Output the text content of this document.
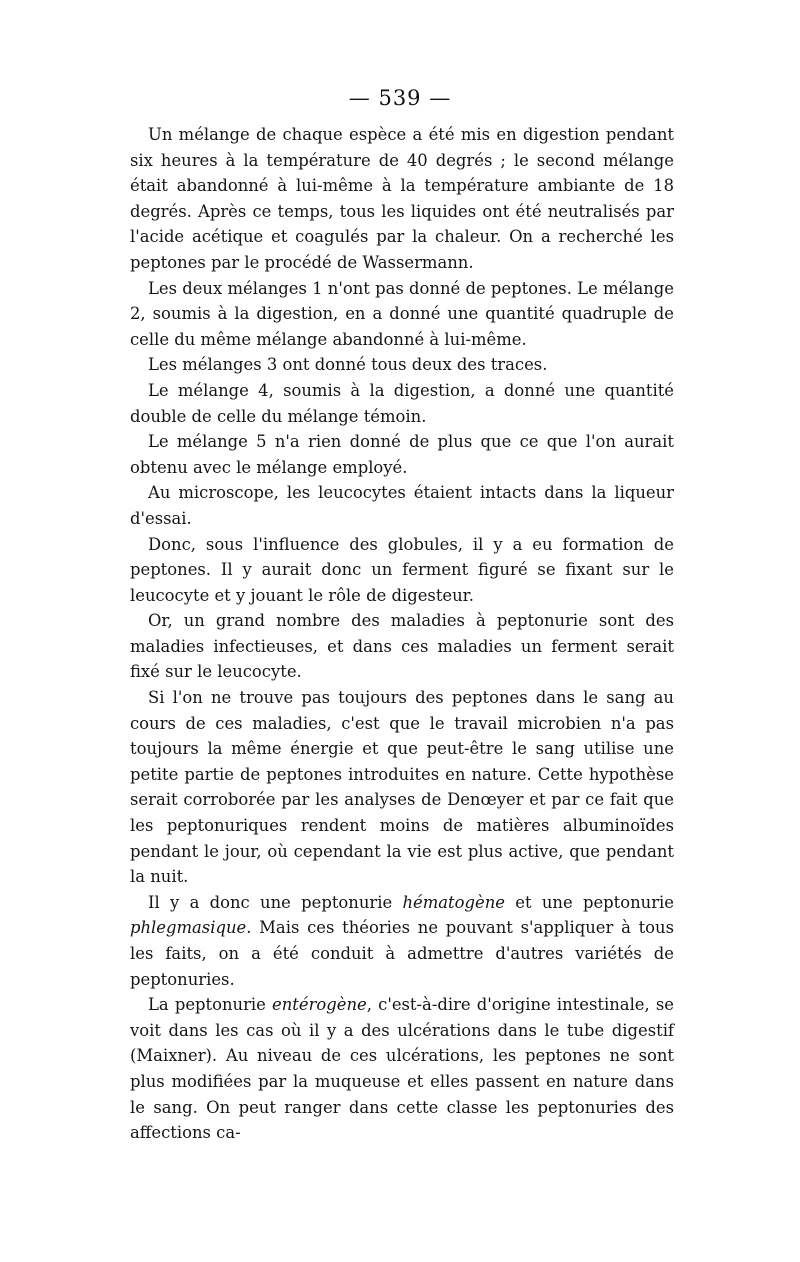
— 539 —

Un mélange de chaque espèce a été mis en digestion pendant six heures à la température de 40 degrés ; le second mélange était abandonné à lui-même à la température ambiante de 18 degrés. Après ce temps, tous les liquides ont été neutralisés par l'acide acétique et coagulés par la chaleur. On a recherché les peptones par le procédé de Wassermann.

Les deux mélanges 1 n'ont pas donné de peptones. Le mélange 2, soumis à la digestion, en a donné une quantité quadruple de celle du même mélange abandonné à lui-même.

Les mélanges 3 ont donné tous deux des traces.

Le mélange 4, soumis à la digestion, a donné une quantité double de celle du mélange témoin.

Le mélange 5 n'a rien donné de plus que ce que l'on aurait obtenu avec le mélange employé.

Au microscope, les leucocytes étaient intacts dans la liqueur d'essai.

Donc, sous l'influence des globules, il y a eu formation de peptones. Il y aurait donc un ferment figuré se fixant sur le leucocyte et y jouant le rôle de digesteur.

Or, un grand nombre des maladies à peptonurie sont des maladies infectieuses, et dans ces maladies un ferment serait fixé sur le leucocyte.

Si l'on ne trouve pas toujours des peptones dans le sang au cours de ces maladies, c'est que le travail microbien n'a pas toujours la même énergie et que peut-être le sang utilise une petite partie de peptones introduites en nature. Cette hypothèse serait corroborée par les analyses de Denœyer et par ce fait que les peptonuriques rendent moins de matières albuminoïdes pendant le jour, où cependant la vie est plus active, que pendant la nuit.

Il y a donc une peptonurie hématogène et une peptonurie phlegmasique. Mais ces théories ne pouvant s'appliquer à tous les faits, on a été conduit à admettre d'autres variétés de peptonuries.

La peptonurie entérogène, c'est-à-dire d'origine intestinale, se voit dans les cas où il y a des ulcérations dans le tube digestif (Maixner). Au niveau de ces ulcérations, les peptones ne sont plus modifiées par la muqueuse et elles passent en nature dans le sang. On peut ranger dans cette classe les peptonuries des affections ca-
